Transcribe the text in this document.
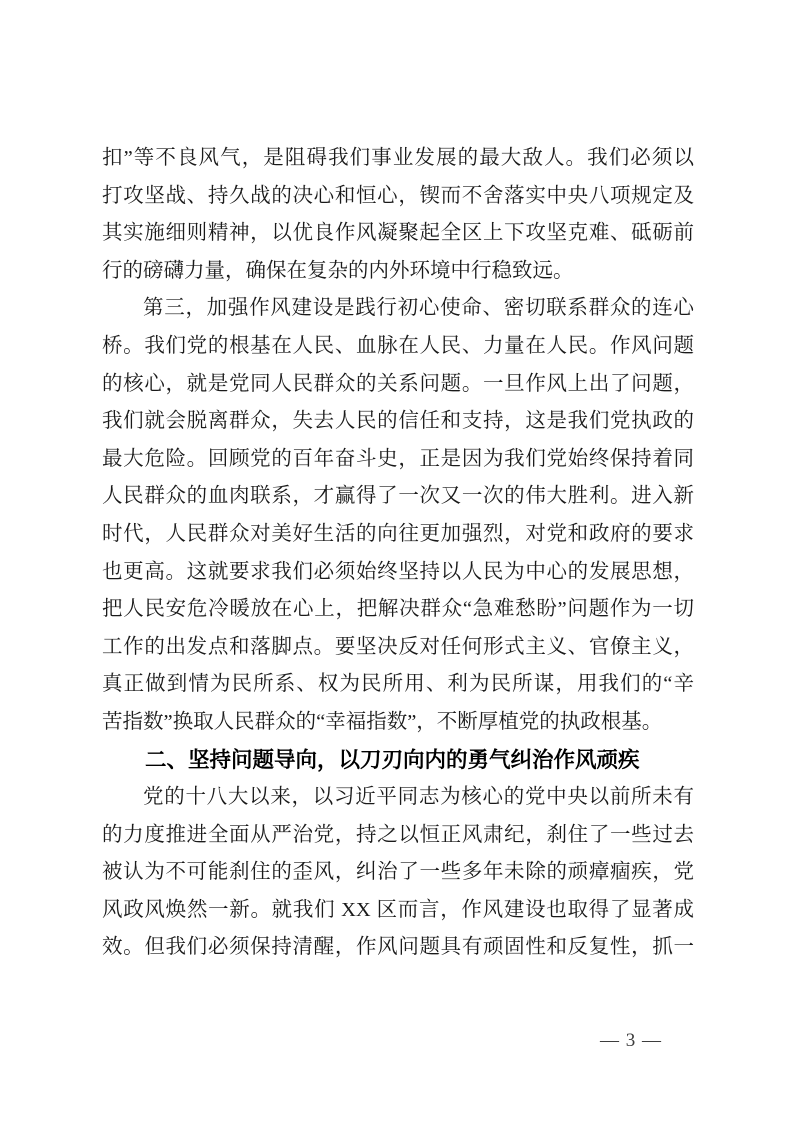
扣”等不良风气，是阻碍我们事业发展的最大敌人。我们必须以
打攻坚战、持久战的决心和恒心，锲而不舍落实中央八项规定及
其实施细则精神，以优良作风凝聚起全区上下攻坚克难、砥砺前
行的磅礴力量，确保在复杂的内外环境中行稳致远。
第三，加强作风建设是践行初心使命、密切联系群众的连心
桥。我们党的根基在人民、血脉在人民、力量在人民。作风问题
的核心，就是党同人民群众的关系问题。一旦作风上出了问题，
我们就会脱离群众，失去人民的信任和支持，这是我们党执政的
最大危险。回顾党的百年奋斗史，正是因为我们党始终保持着同
人民群众的血肉联系，才赢得了一次又一次的伟大胜利。进入新
时代，人民群众对美好生活的向往更加强烈，对党和政府的要求
也更高。这就要求我们必须始终坚持以人民为中心的发展思想，
把人民安危冷暖放在心上，把解决群众“急难愁盼”问题作为一切
工作的出发点和落脚点。要坚决反对任何形式主义、官僚主义，
真正做到情为民所系、权为民所用、利为民所谋，用我们的“辛
苦指数”换取人民群众的“幸福指数”，不断厚植党的执政根基。
二、坚持问题导向，以刀刃向内的勇气纠治作风顽疾
党的十八大以来，以习近平同志为核心的党中央以前所未有
的力度推进全面从严治党，持之以恒正风肃纪，刹住了一些过去
被认为不可能刹住的歪风，纠治了一些多年未除的顽瘴痼疾，党
风政风焕然一新。就我们 XX 区而言，作风建设也取得了显著成
效。但我们必须保持清醒，作风问题具有顽固性和反复性，抓一
— 3 —
